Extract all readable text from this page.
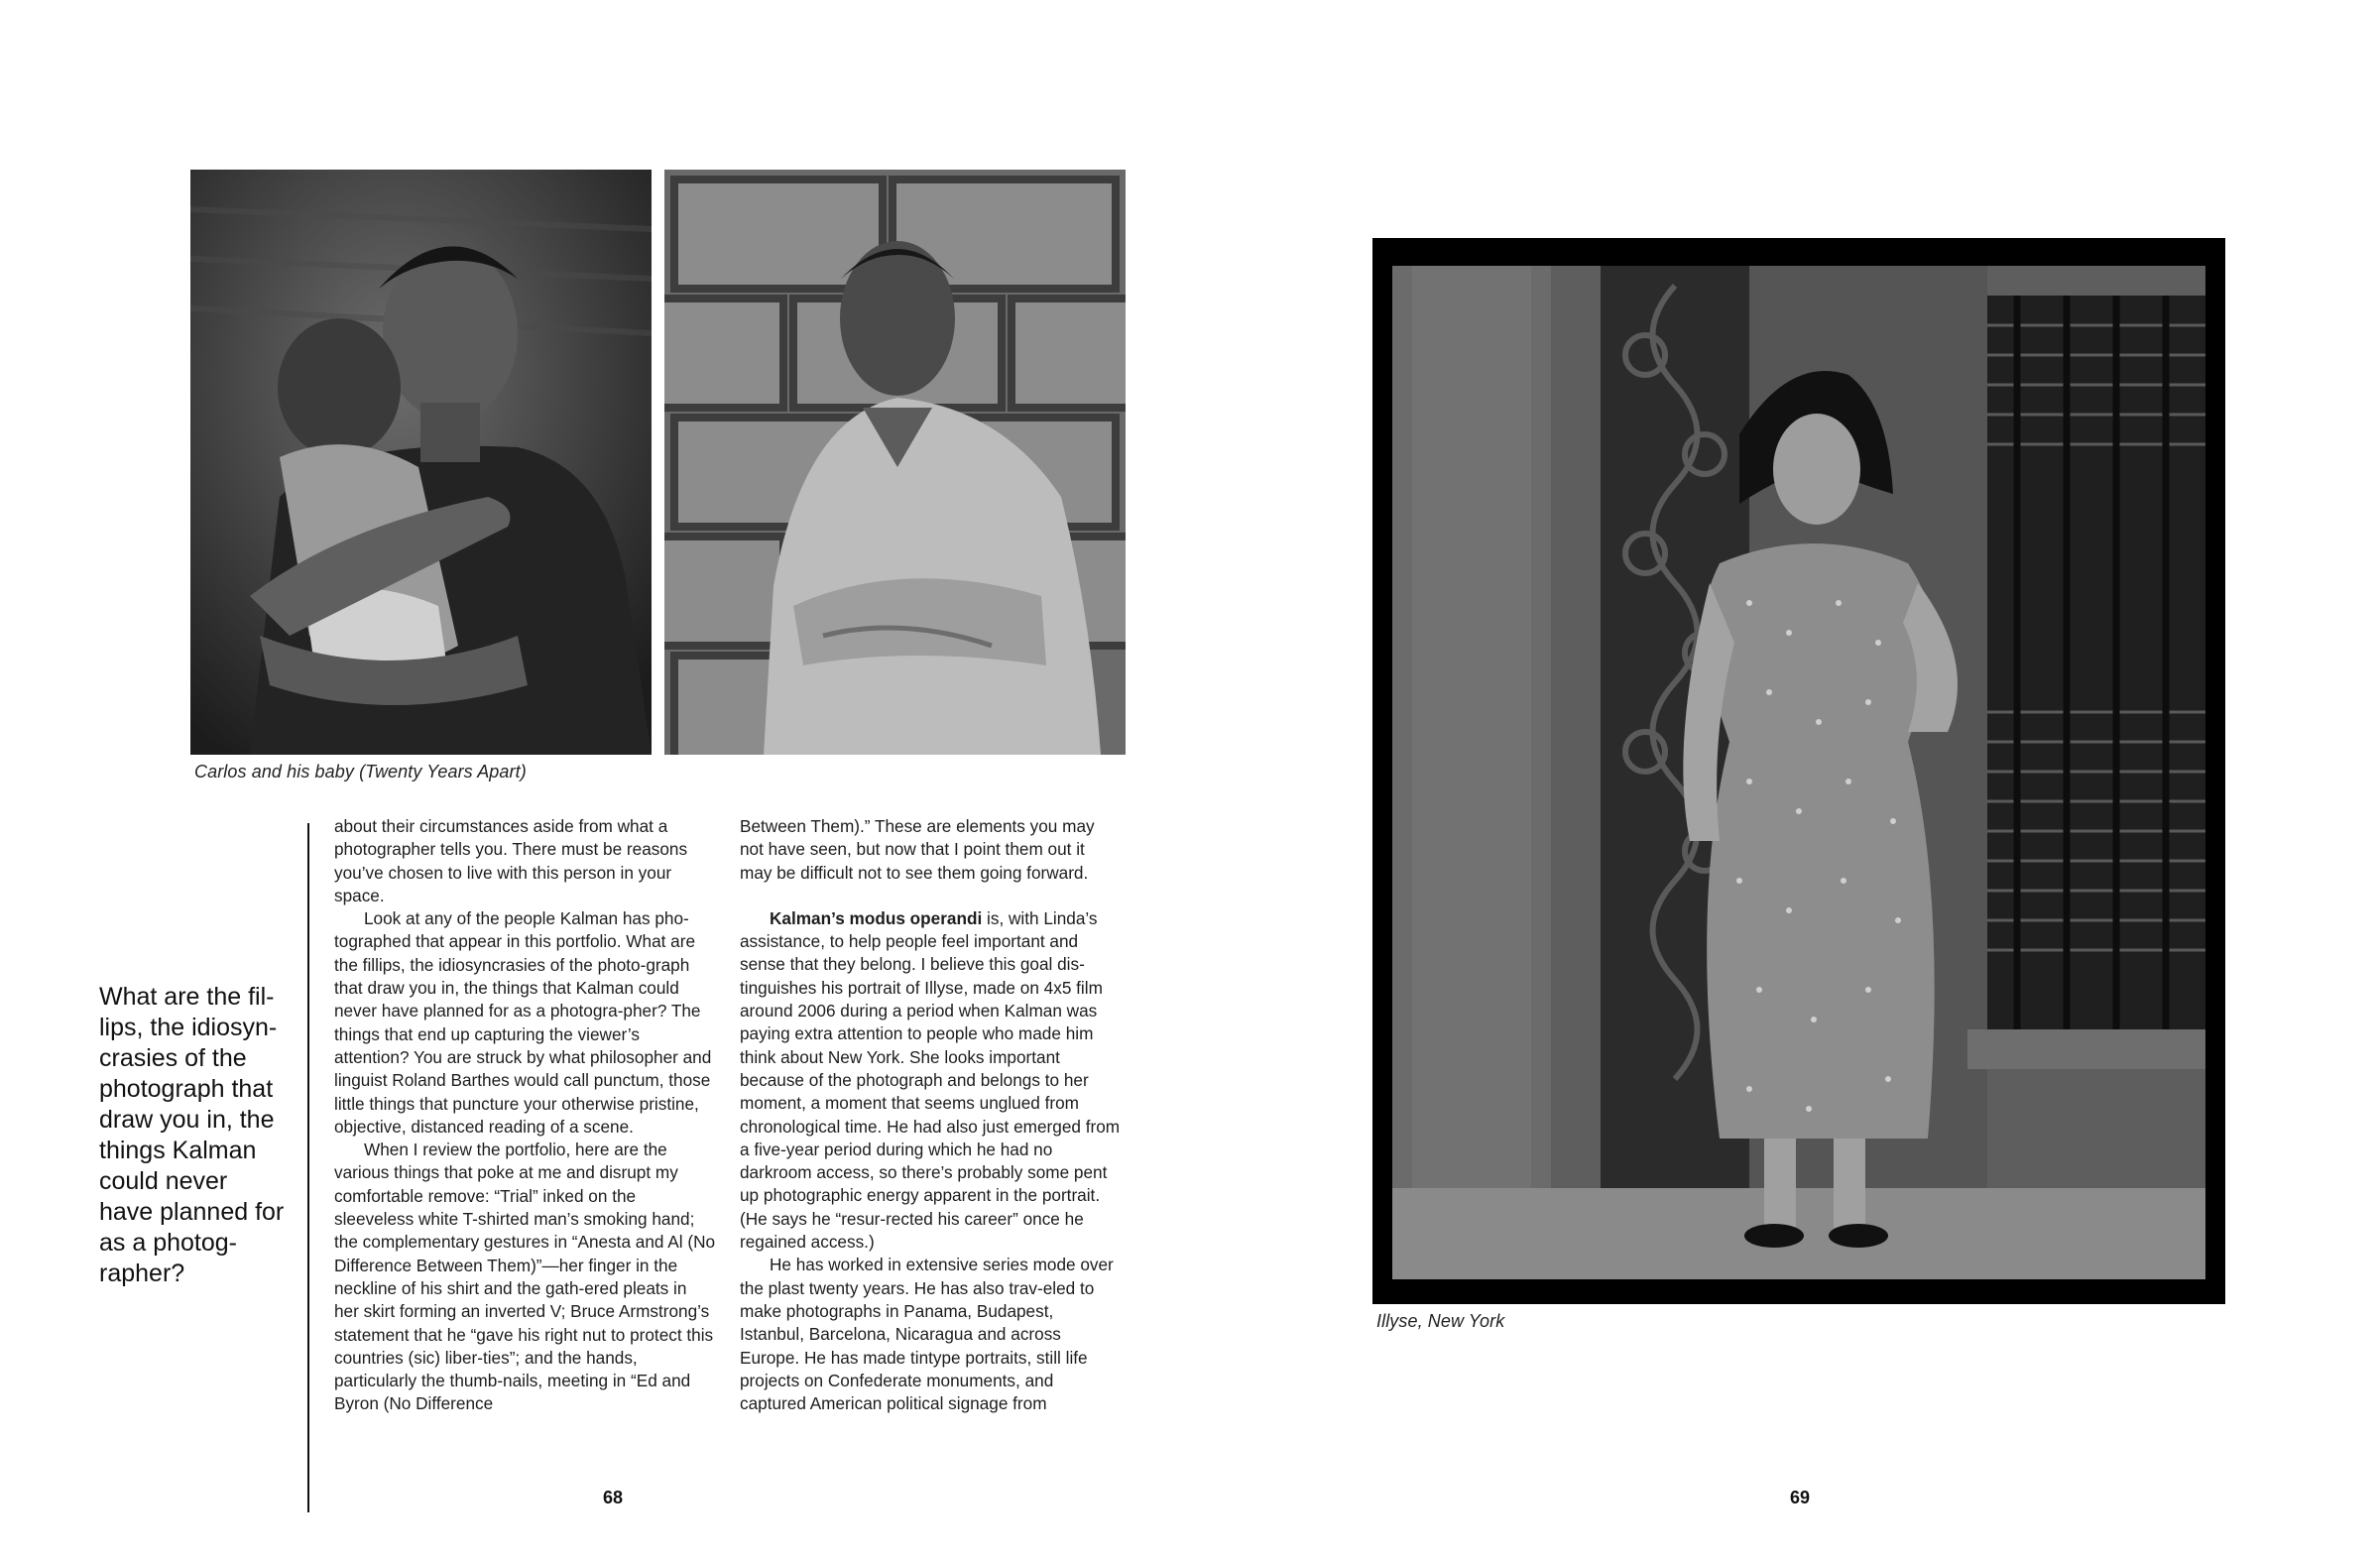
Carlos and his baby (Twenty Years Apart)
What are the fil-lips, the idiosyn-crasies of the photograph that draw you in, the things Kalman could never have planned for as a photog-rapher?

about their circumstances aside from what a photographer tells you. There must be reasons you’ve chosen to live with this person in your space.

Look at any of the people Kalman has pho-tographed that appear in this portfolio. What are the fillips, the idiosyncrasies of the photo-graph that draw you in, the things that Kalman could never have planned for as a photogra-pher? The things that end up capturing the viewer’s attention? You are struck by what philosopher and linguist Roland Barthes would call punctum, those little things that puncture your otherwise pristine, objective, distanced reading of a scene.

When I review the portfolio, here are the various things that poke at me and disrupt my comfortable remove: “Trial” inked on the sleeveless white T-shirted man’s smoking hand; the complementary gestures in “Anesta and Al (No Difference Between Them)”—her finger in the neckline of his shirt and the gath-ered pleats in her skirt forming an inverted V; Bruce Armstrong’s statement that he “gave his right nut to protect this countries (sic) liber-ties”; and the hands, particularly the thumb-nails, meeting in “Ed and Byron (No Difference

Between Them).” These are elements you may not have seen, but now that I point them out it may be difficult not to see them going forward.

Kalman’s modus operandi is, with Linda’s assistance, to help people feel important and sense that they belong. I believe this goal dis-tinguishes his portrait of Illyse, made on 4x5 film around 2006 during a period when Kalman was paying extra attention to people who made him think about New York. She looks important because of the photograph and belongs to her moment, a moment that seems unglued from chronological time. He had also just emerged from a five-year period during which he had no darkroom access, so there’s probably some pent up photographic energy apparent in the portrait. (He says he “resur-rected his career” once he regained access.)

He has worked in extensive series mode over the plast twenty years. He has also trav-eled to make photographs in Panama, Budapest, Istanbul, Barcelona, Nicaragua and across Europe. He has made tintype portraits, still life projects on Confederate monuments, and captured American political signage from

68
Illyse, New York
69
